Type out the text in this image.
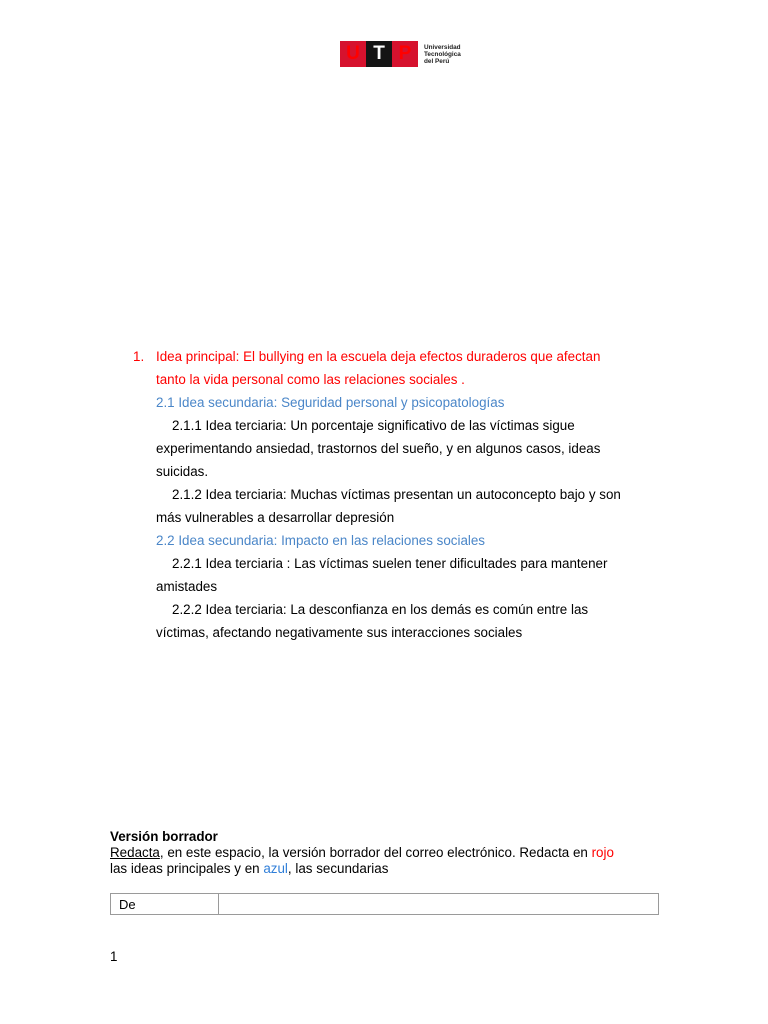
U T P	Universidad
Tecnológica
del Perú
1. Idea principal: El bullying en la escuela deja efectos duraderos que afectan
tanto la vida personal como las relaciones sociales .
2.1 Idea secundaria: Seguridad personal y psicopatologías
2.1.1 Idea terciaria: Un porcentaje significativo de las víctimas sigue
experimentando ansiedad, trastornos del sueño, y en algunos casos, ideas
suicidas.
2.1.2 Idea terciaria: Muchas víctimas presentan un autoconcepto bajo y son
más vulnerables a desarrollar depresión
2.2 Idea secundaria: Impacto en las relaciones sociales
2.2.1 Idea terciaria : Las víctimas suelen tener dificultades para mantener
amistades
2.2.2 Idea terciaria: La desconfianza en los demás es común entre las
víctimas, afectando negativamente sus interacciones sociales
Versión borrador
Redacta, en este espacio, la versión borrador del correo electrónico. Redacta en rojo
las ideas principales y en azul, las secundarias
De	
1
